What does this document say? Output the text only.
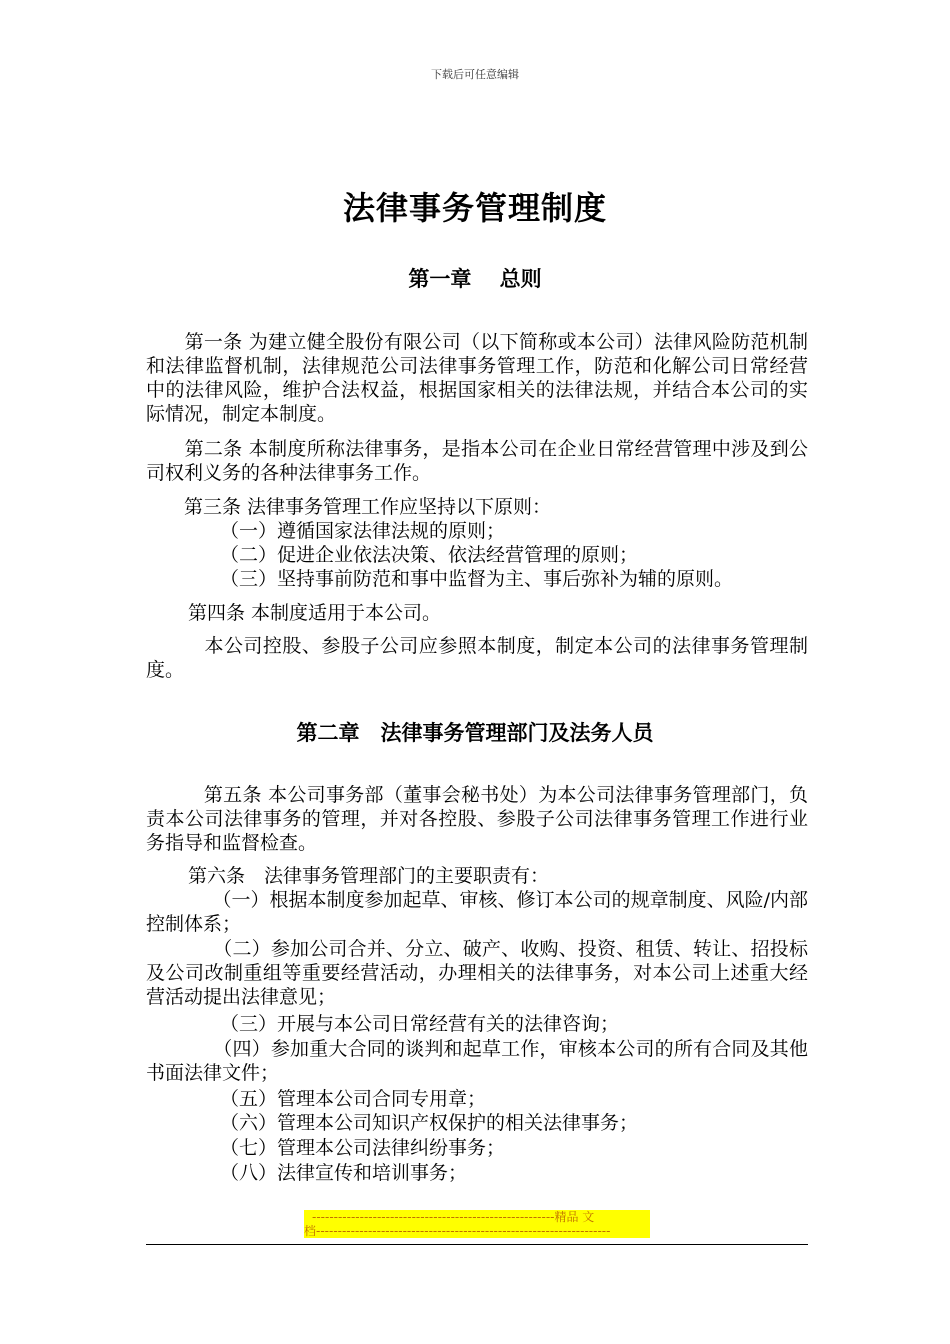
下载后可任意编辑
法律事务管理制度
第一章　 总则

　　第一条 为建立健全股份有限公司（以下简称或本公司）法律风险防范机制和法律监督机制，法律规范公司法律事务管理工作，防范和化解公司日常经营中的法律风险，维护合法权益，根据国家相关的法律法规，并结合本公司的实际情况，制定本制度。

　　第二条 本制度所称法律事务，是指本公司在企业日常经营管理中涉及到公司权利义务的各种法律事务工作。

　　第三条 法律事务管理工作应坚持以下原则：

（一）遵循国家法律法规的原则；

（二）促进企业依法决策、依法经营管理的原则；

（三）坚持事前防范和事中监督为主、事后弥补为辅的原则。

第四条 本制度适用于本公司。

　　　本公司控股、参股子公司应参照本制度，制定本公司的法律事务管理制度。

第二章　法律事务管理部门及法务人员

　　　第五条 本公司事务部（董事会秘书处）为本公司法律事务管理部门，负责本公司法律事务的管理，并对各控股、参股子公司法律事务管理工作进行业务指导和监督检查。

第六条　法律事务管理部门的主要职责有：

　　　　（一）根据本制度参加起草、审核、修订本公司的规章制度、风险/内部控制体系；

　　　　（二）参加公司合并、分立、破产、收购、投资、租赁、转让、招投标及公司改制重组等重要经营活动，办理相关的法律事务，对本公司上述重大经营活动提出法律意见；

（三）开展与本公司日常经营有关的法律咨询；

　　　　（四）参加重大合同的谈判和起草工作，审核本公司的所有合同及其他书面法律文件；

（五）管理本公司合同专用章；

（六）管理本公司知识产权保护的相关法律事务；

（七）管理本公司法律纠纷事务；

（八）法律宣传和培训事务；

--------------------------------------------------------精品 文
档--------------------------------------------------------------------
